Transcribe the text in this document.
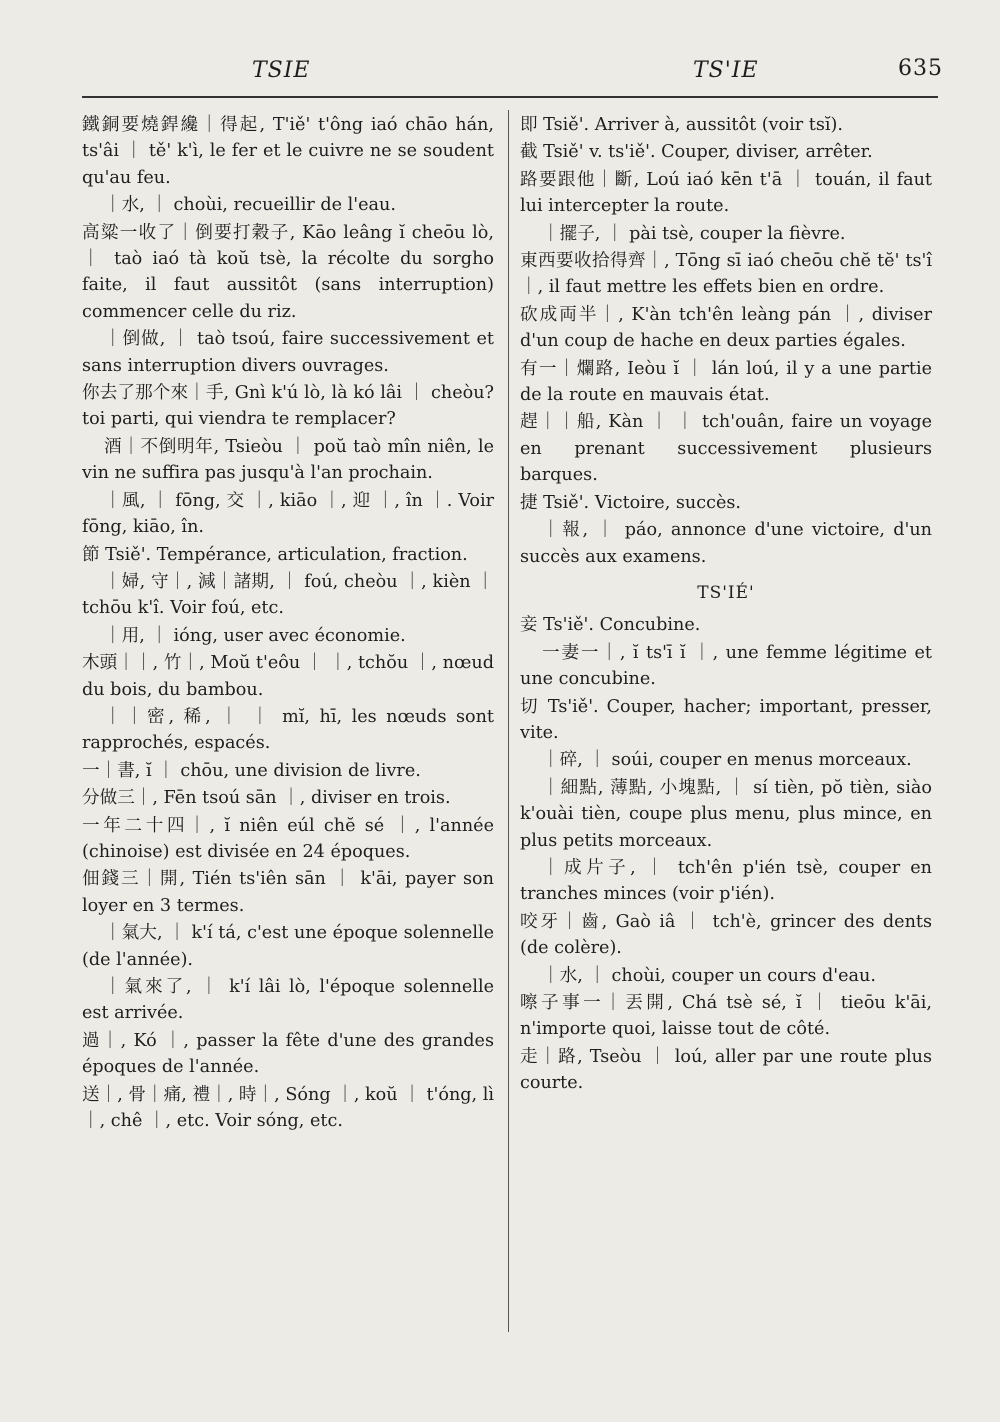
TSIE	TS'IE	635

鐵銅要燒銲纔｜得起, T'iě' t'ông iaó chāo hán, ts'âi ｜ tě' k'ì, le fer et le cuivre ne se soudent qu'au feu.

｜水, ｜ choùi, recueillir de l'eau.

高粱一收了｜倒要打穀子, Kāo leâng ĭ cheōu lò, ｜ taò iaó tà koŭ tsè, la récolte du sorgho faite, il faut aussitôt (sans interruption) commencer celle du riz.

｜倒做, ｜ taò tsoú, faire successivement et sans interruption divers ouvrages.

你去了那个來｜手, Gnì k'ú lò, là kó lâi ｜ cheòu? toi parti, qui viendra te remplacer?

酒｜不倒明年, Tsieòu ｜ poŭ taò mîn niên, le vin ne suffira pas jusqu'à l'an prochain.

｜風, ｜ fōng, 交 ｜, kiāo ｜, 迎 ｜, în ｜. Voir fōng, kiāo, în.

節 Tsiě'. Tempérance, articulation, fraction.

｜婦, 守｜, 減｜諸期, ｜ foú, cheòu ｜, kièn ｜ tchōu k'î. Voir foú, etc.

｜用, ｜ ióng, user avec économie.

木頭｜｜, 竹｜, Moŭ t'eôu ｜ ｜, tchŏu ｜, nœud du bois, du bambou.

｜｜密, 稀, ｜ ｜ mĭ, hī, les nœuds sont rapprochés, espacés.

一｜書, ĭ ｜ chōu, une division de livre.

分做三｜, Fēn tsoú sān ｜, diviser en trois.

一年二十四｜, ĭ niên eúl chĕ sé ｜, l'année (chinoise) est divisée en 24 époques.

佃錢三｜開, Tién ts'iên sān ｜ k'āi, payer son loyer en 3 termes.

｜氣大, ｜ k'í tá, c'est une époque solennelle (de l'année).

｜氣來了, ｜ k'í lâi lò, l'époque solennelle est arrivée.

過｜, Kó ｜, passer la fête d'une des grandes époques de l'année.

送｜, 骨｜痛, 禮｜, 時｜, Sóng ｜, koŭ ｜ t'óng, lì ｜, chê ｜, etc. Voir sóng, etc.

即 Tsiě'. Arriver à, aussitôt (voir tsĭ).

截 Tsiě' v. ts'iě'. Couper, diviser, arrêter.

路要跟他｜斷, Loú iaó kēn t'ā ｜ touán, il faut lui intercepter la route.

｜擺子, ｜ pài tsè, couper la fièvre.

東西要收拾得齊｜, Tōng sī iaó cheōu chĕ tĕ' ts'î ｜, il faut mettre les effets bien en ordre.

砍成両半｜, K'àn tch'ên leàng pán ｜, diviser d'un coup de hache en deux parties égales.

有一｜爛路, Ieòu ĭ ｜ lán loú, il y a une partie de la route en mauvais état.

趕｜｜船, Kàn ｜ ｜ tch'ouân, faire un voyage en prenant successivement plusieurs barques.

捷 Tsiě'. Victoire, succès.

｜報, ｜ páo, annonce d'une victoire, d'un succès aux examens.

TS'IÉ'

妾 Ts'iě'. Concubine.

一妻一｜, ĭ ts'ī ĭ ｜, une femme légitime et une concubine.

切 Ts'iě'. Couper, hacher; important, presser, vite.

｜碎, ｜ soúi, couper en menus morceaux.

｜細點, 薄點, 小塊點, ｜ sí tièn, pŏ tièn, siào k'ouài tièn, coupe plus menu, plus mince, en plus petits morceaux.

｜成片子, ｜ tch'ên p'ién tsè, couper en tranches minces (voir p'ién).

咬牙｜齒, Gaò iâ ｜ tch'è, grincer des dents (de colère).

｜水, ｜ choùi, couper un cours d'eau.

嚓子事一｜丟開, Chá tsè sé, ĭ ｜ tieōu k'āi, n'importe quoi, laisse tout de côté.

走｜路, Tseòu ｜ loú, aller par une route plus courte.
